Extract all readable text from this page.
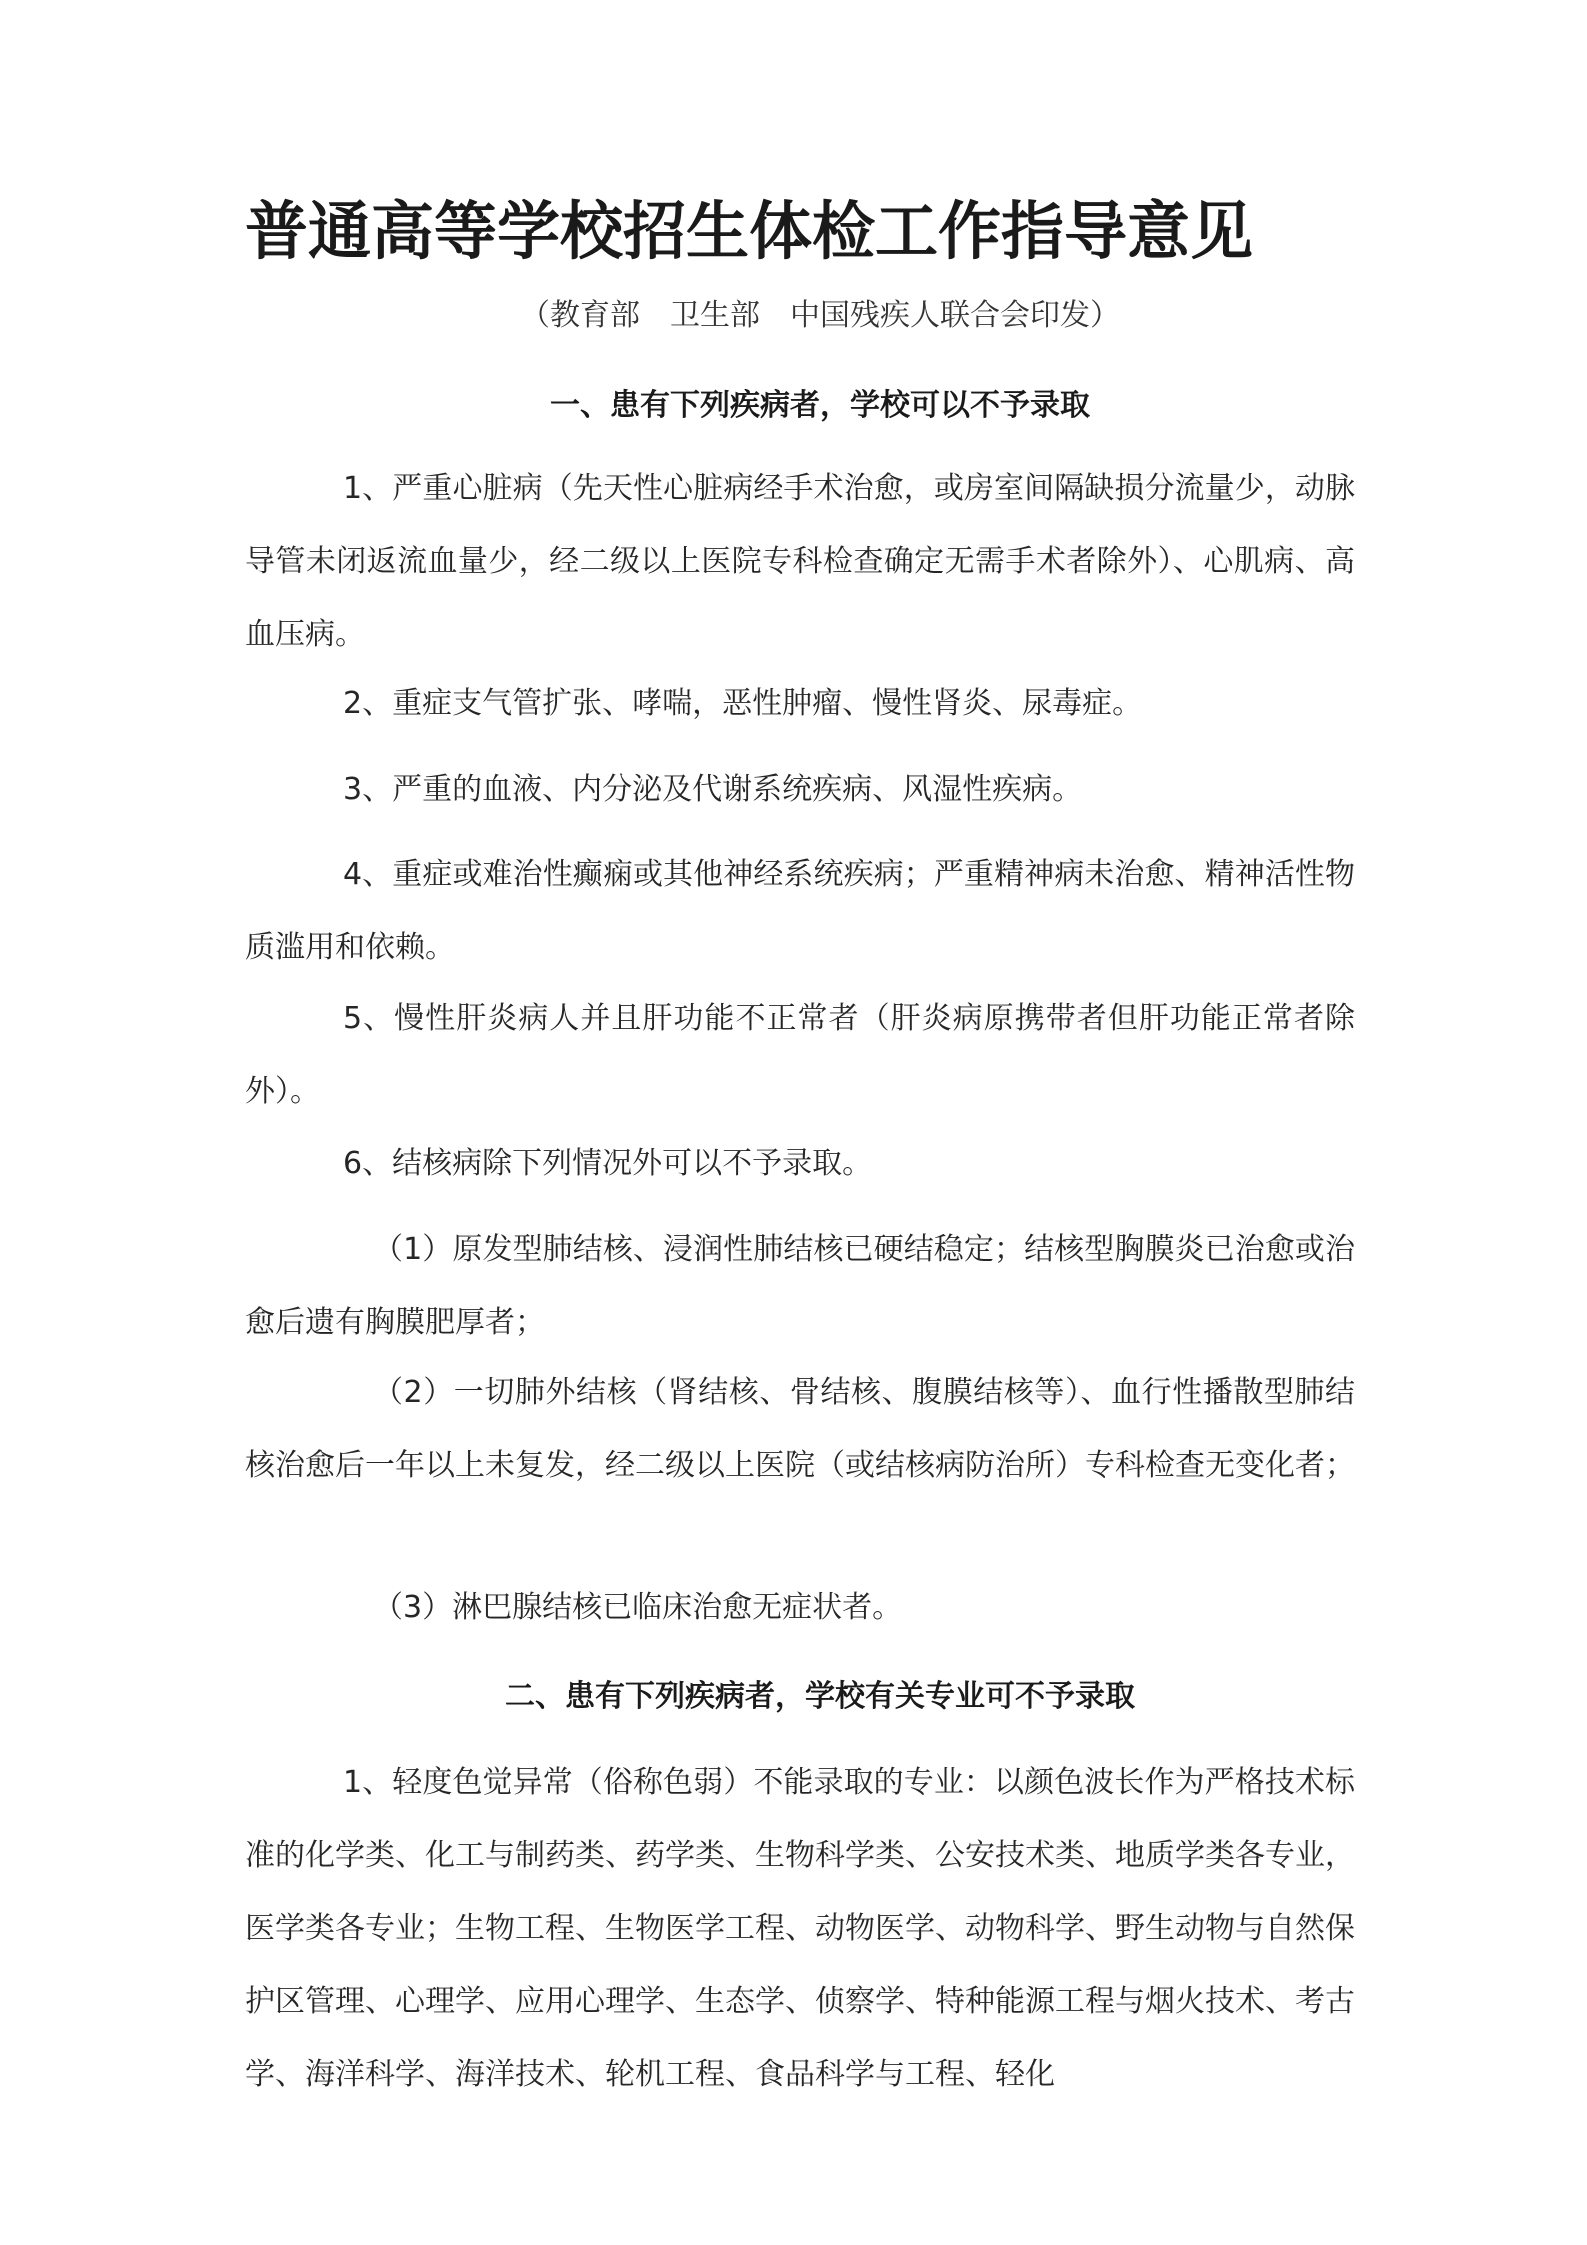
普通高等学校招生体检工作指导意见

（教育部　卫生部　中国残疾人联合会印发）

一、患有下列疾病者，学校可以不予录取

1、严重心脏病（先天性心脏病经手术治愈，或房室间隔缺损分流量少，动脉导管未闭返流血量少，经二级以上医院专科检查确定无需手术者除外）、心肌病、高血压病。

2、重症支气管扩张、哮喘，恶性肿瘤、慢性肾炎、尿毒症。

3、严重的血液、内分泌及代谢系统疾病、风湿性疾病。

4、重症或难治性癫痫或其他神经系统疾病；严重精神病未治愈、精神活性物质滥用和依赖。

5、慢性肝炎病人并且肝功能不正常者（肝炎病原携带者但肝功能正常者除外）。

6、结核病除下列情况外可以不予录取。

（1）原发型肺结核、浸润性肺结核已硬结稳定；结核型胸膜炎已治愈或治愈后遗有胸膜肥厚者；

（2）一切肺外结核（肾结核、骨结核、腹膜结核等）、血行性播散型肺结核治愈后一年以上未复发，经二级以上医院（或结核病防治所）专科检查无变化者；

（3）淋巴腺结核已临床治愈无症状者。

二、患有下列疾病者，学校有关专业可不予录取

1、轻度色觉异常（俗称色弱）不能录取的专业：以颜色波长作为严格技术标准的化学类、化工与制药类、药学类、生物科学类、公安技术类、地质学类各专业，医学类各专业；生物工程、生物医学工程、动物医学、动物科学、野生动物与自然保护区管理、心理学、应用心理学、生态学、侦察学、特种能源工程与烟火技术、考古学、海洋科学、海洋技术、轮机工程、食品科学与工程、轻化
